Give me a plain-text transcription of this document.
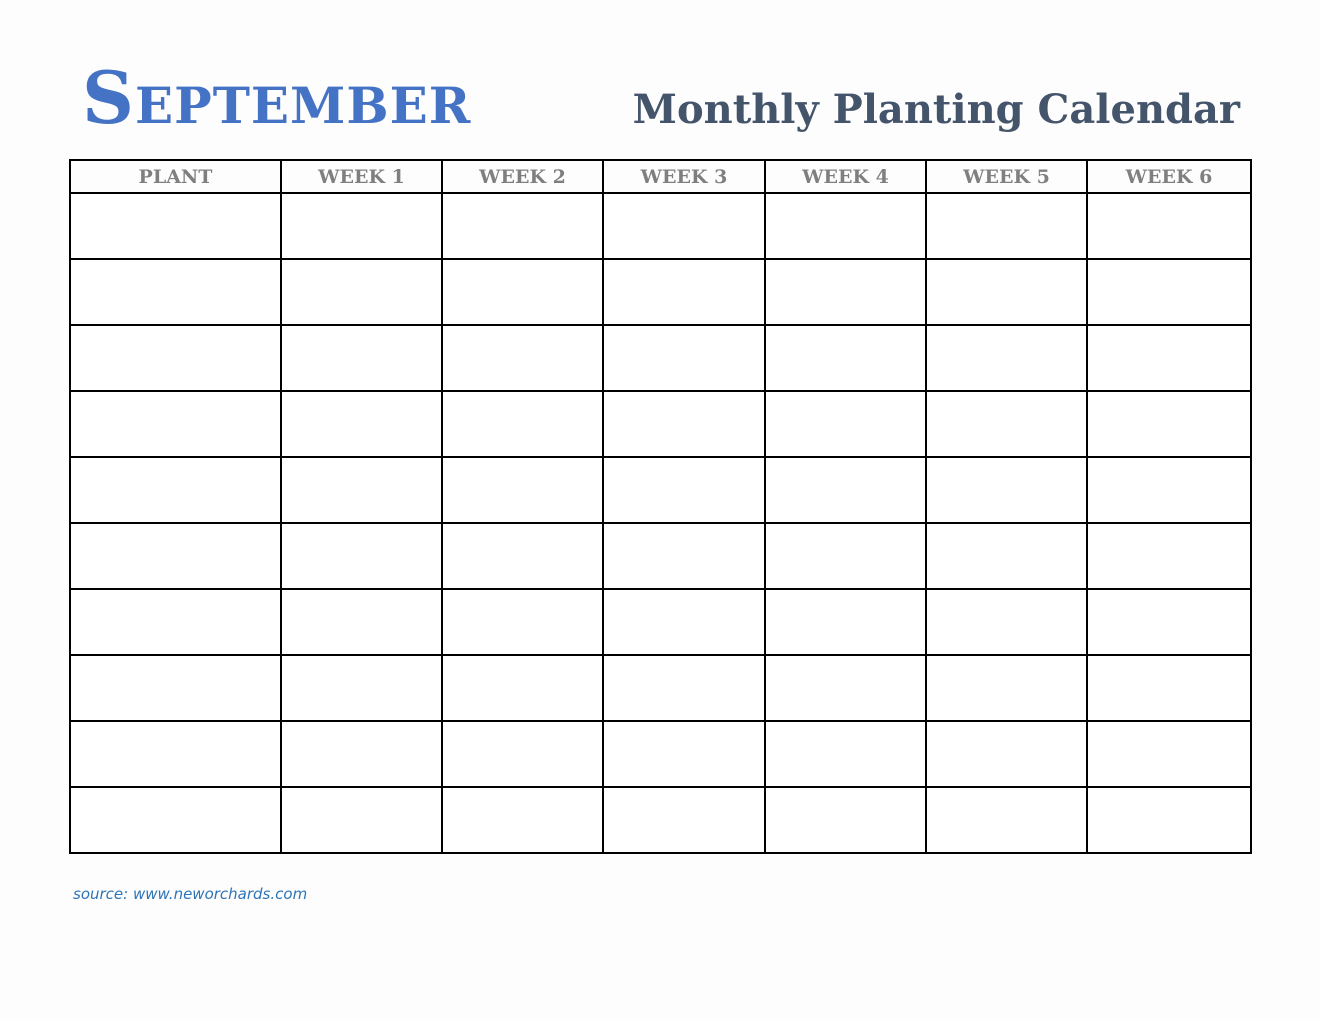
September	Monthly Planting Calendar
PLANT	WEEK 1	WEEK 2	WEEK 3	WEEK 4	WEEK 5	WEEK 6

source: www.neworchards.com
